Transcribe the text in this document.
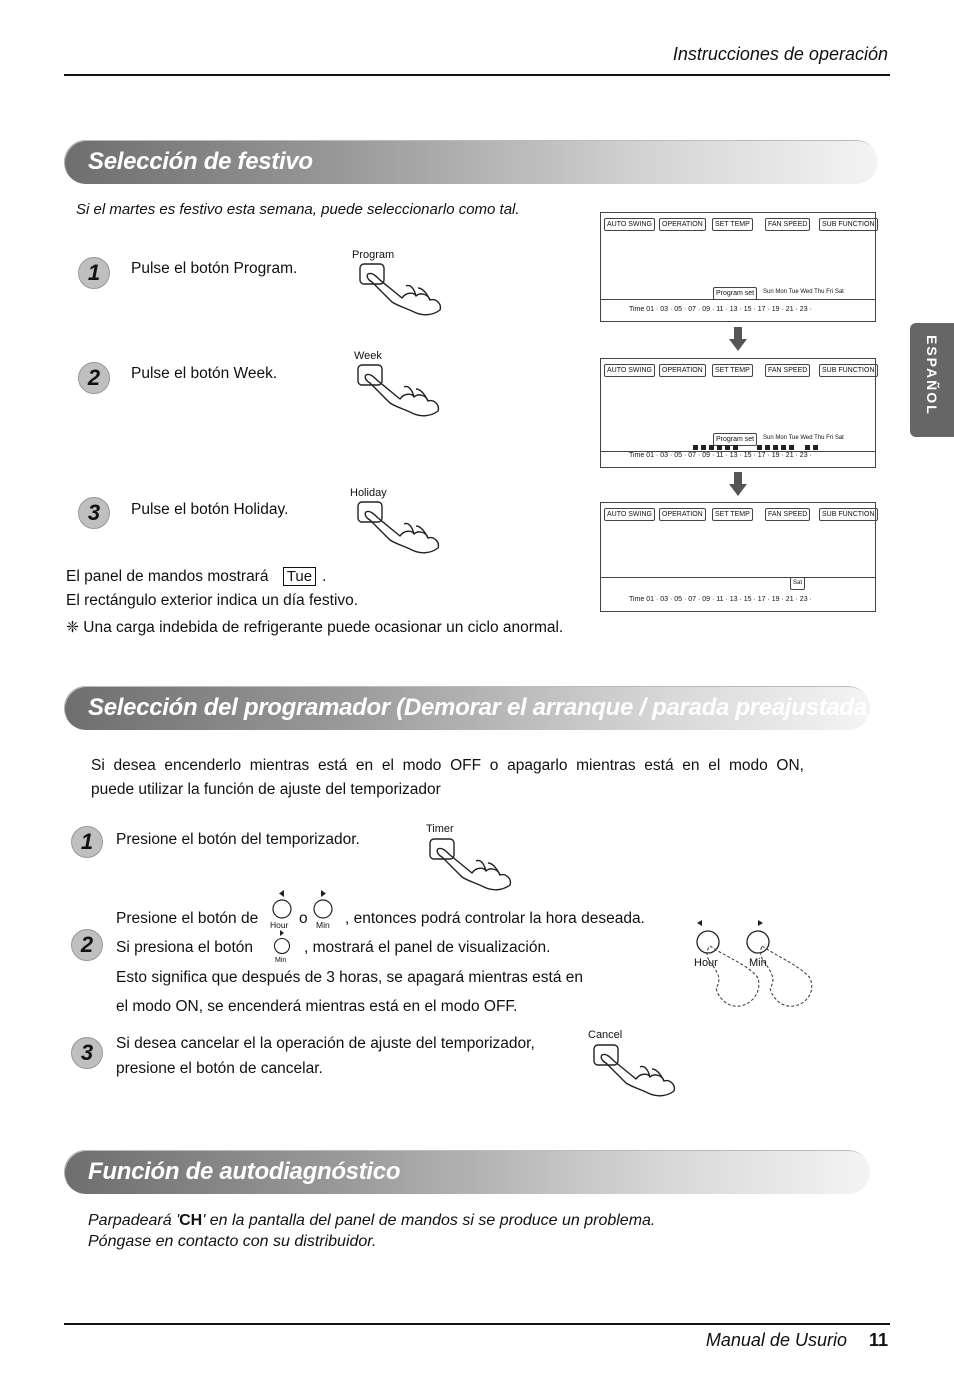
Instrucciones de operación
ESPAÑOL
Selección de festivo
Si el martes es festivo esta semana, puede seleccionarlo como tal.
1	Pulse el botón Program.
Program
2	Pulse el botón Week.
Week
3	Pulse el botón Holiday.
Holiday
El panel de mandos mostrará Tue .
El rectángulo exterior indica un día festivo.
❈ Una carga indebida de refrigerante puede ocasionar un ciclo anormal.
AUTO SWING	OPERATION	SET TEMP	FAN SPEED	SUB FUNCTION
Program set	Sun Mon Tue Wed Thu Fri Sat
Time 01 · 03 · 05 · 07 · 09 · 11 · 13 · 15 · 17 · 19 · 21 · 23 ·
AUTO SWING	OPERATION	SET TEMP	FAN SPEED	SUB FUNCTION
Program set	Sun Mon Tue Wed Thu Fri Sat
Time 01 · 03 · 05 · 07 · 09 · 11 · 13 · 15 · 17 · 19 · 21 · 23 ·
AUTO SWING	OPERATION	SET TEMP	FAN SPEED	SUB FUNCTION
Sat
Time 01 · 03 · 05 · 07 · 09 · 11 · 13 · 15 · 17 · 19 · 21 · 23 ·
Selección del programador (Demorar el arranque / parada preajustada)
Si desea encenderlo mientras está en el modo OFF o apagarlo mientras está en el modo ON,
puede utilizar la función de ajuste del temporizador
1	Presione el botón del temporizador.
Timer
2
Presione el botón de Hour o Min , entonces podrá controlar la hora deseada.
Si presiona el botón
Min
, mostrará el panel de visualización.
Esto significa que después de 3 horas, se apagará mientras está en
el modo ON, se encenderá mientras está en el modo OFF.
Hour	Min
3	Si desea cancelar el la operación de ajuste del temporizador,
presione el botón de cancelar.
Cancel
Función de autodiagnóstico
Parpadeará 'CH' en la pantalla del panel de mandos si se produce un problema.
Póngase en contacto con su distribuidor.
Manual de Usurio 11
